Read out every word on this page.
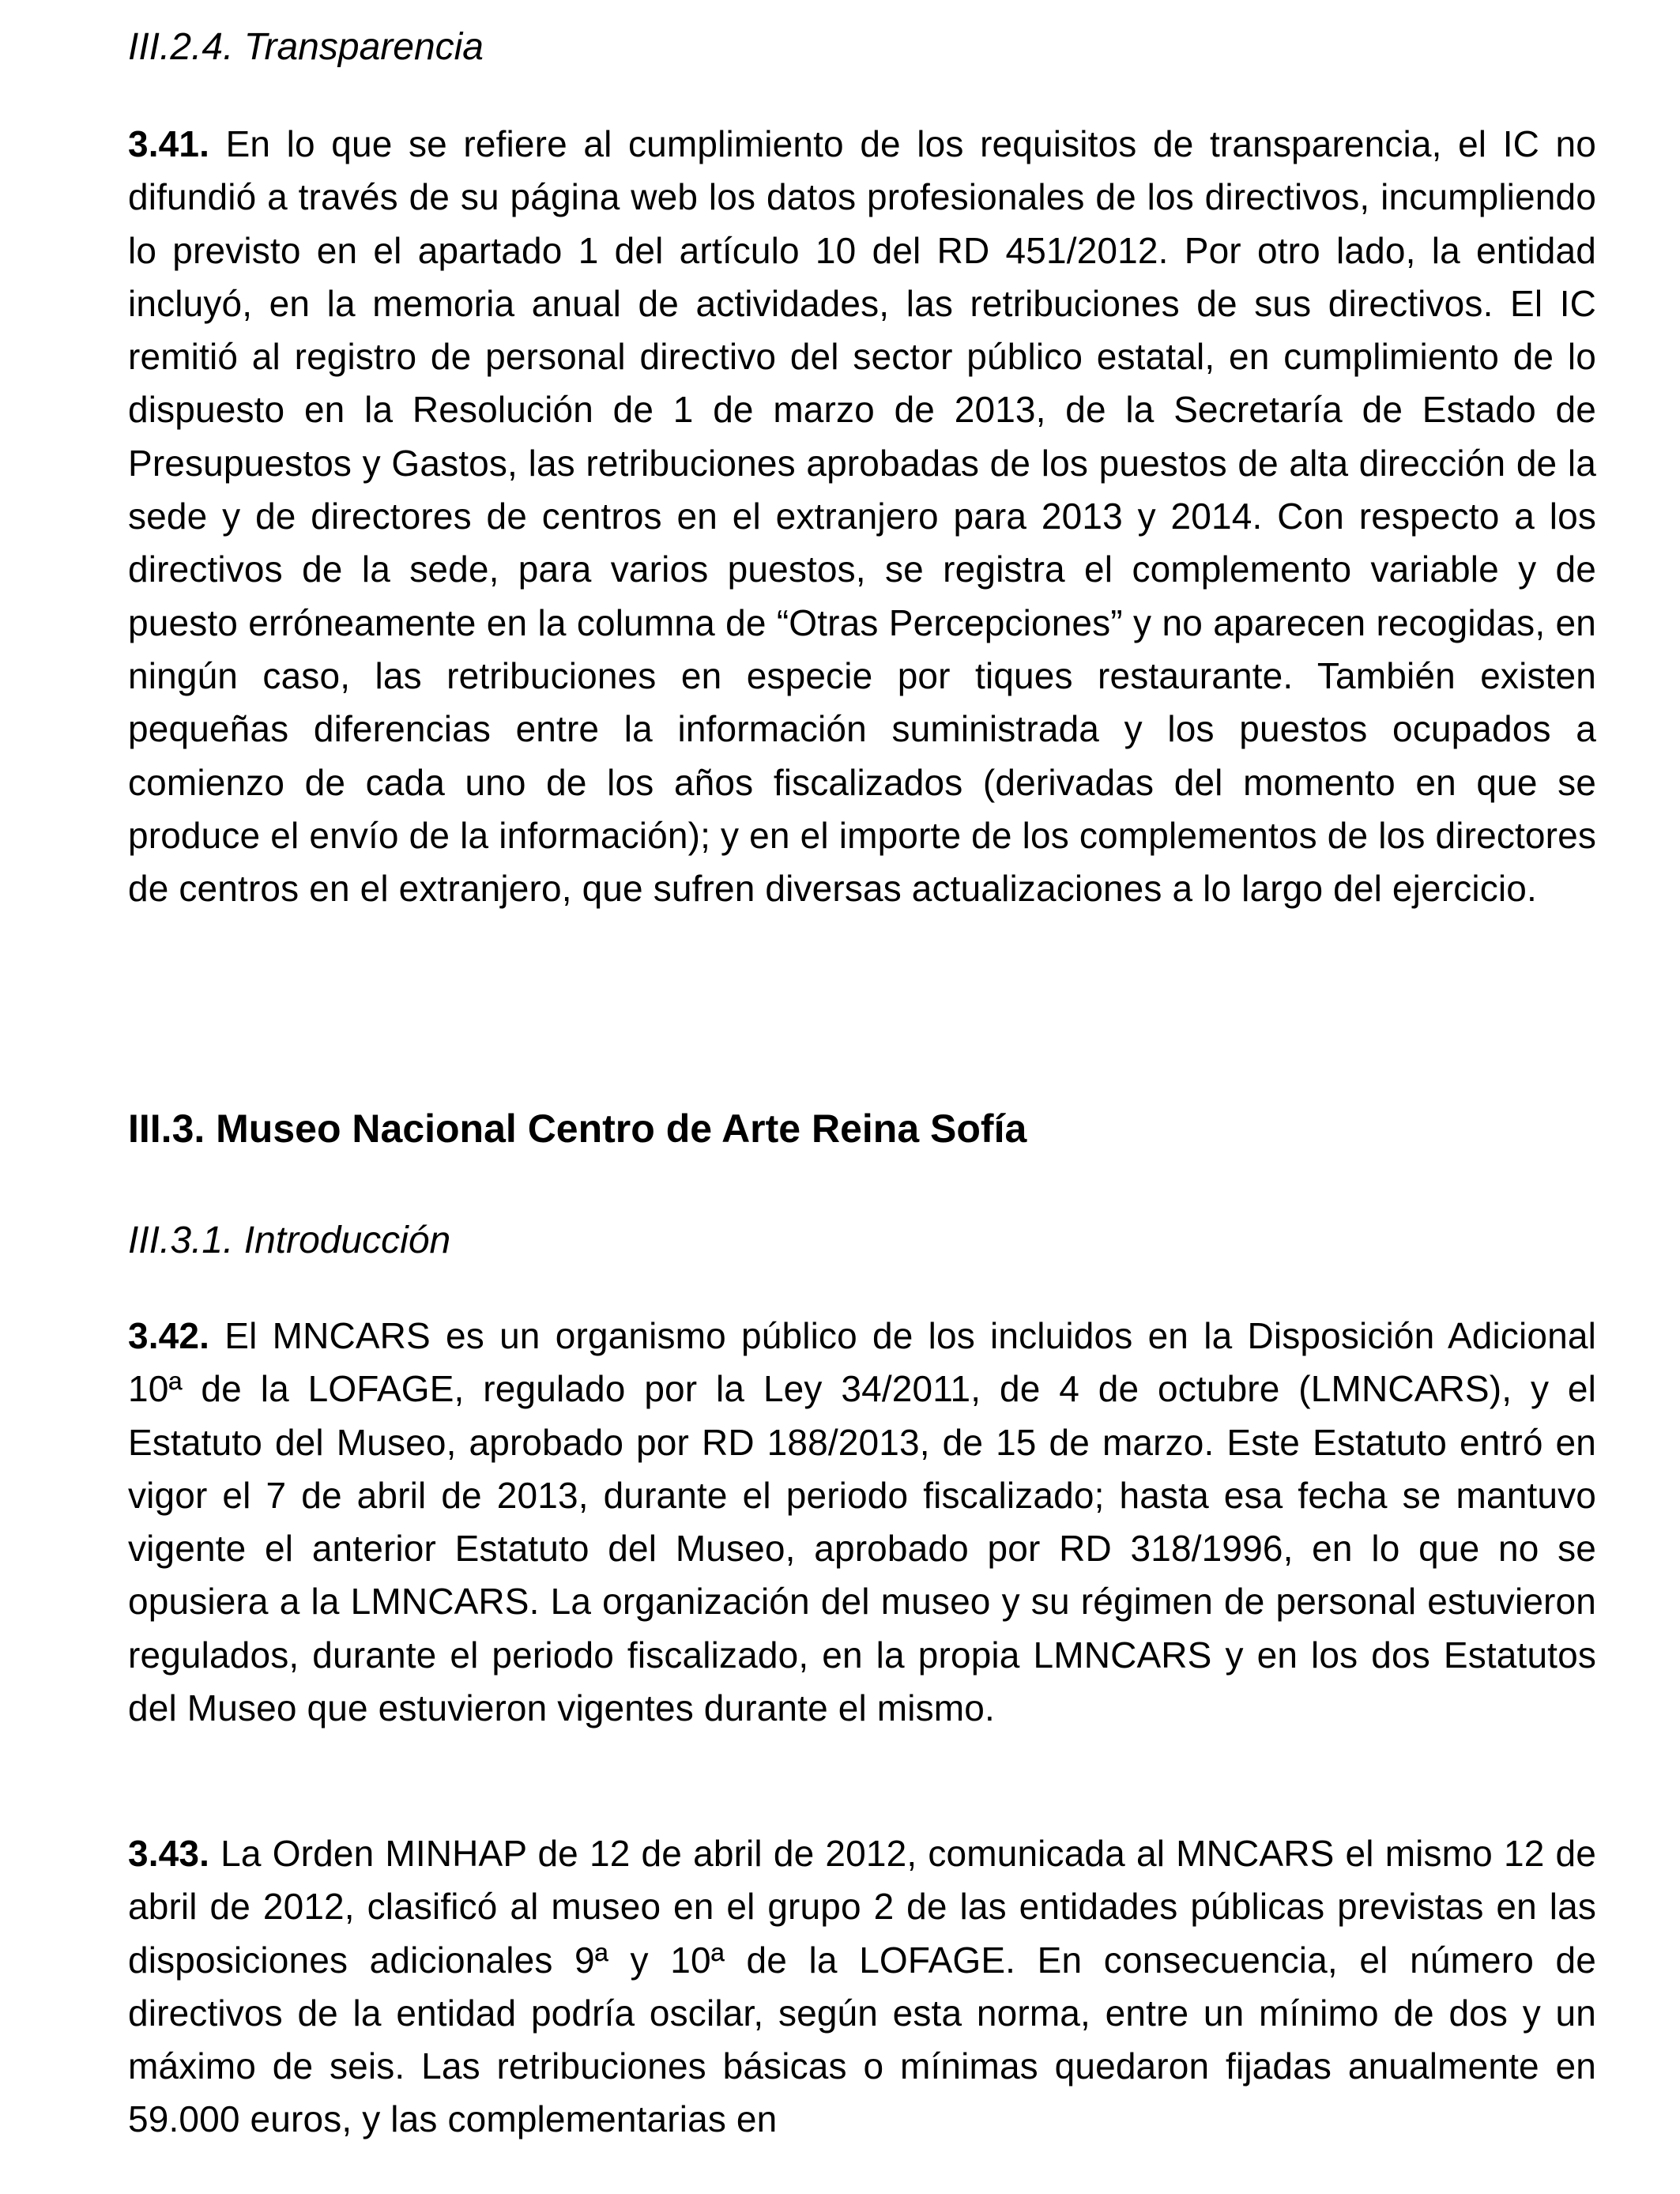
III.2.4. Transparencia

3.41. En lo que se refiere al cumplimiento de los requisitos de transparencia, el IC no difundió a través de su página web los datos profesionales de los directivos, incumpliendo lo previsto en el apartado 1 del artículo 10 del RD 451/2012. Por otro lado, la entidad incluyó, en la memoria anual de actividades, las retribuciones de sus directivos. El IC remitió al registro de personal directivo del sector público estatal, en cumplimiento de lo dispuesto en la Resolución de 1 de marzo de 2013, de la Secretaría de Estado de Presupuestos y Gastos, las retribuciones aprobadas de los puestos de alta dirección de la sede y de directores de centros en el extranjero para 2013 y 2014. Con respecto a los directivos de la sede, para varios puestos, se registra el complemento variable y de puesto erróneamente en la columna de “Otras Percepciones” y no aparecen recogidas, en ningún caso, las retribuciones en especie por tiques restaurante. También existen pequeñas diferencias entre la información suministrada y los puestos ocupados a comienzo de cada uno de los años fiscalizados (derivadas del momento en que se produce el envío de la información); y en el importe de los complementos de los directores de centros en el extranjero, que sufren diversas actualizaciones a lo largo del ejercicio.

III.3. Museo Nacional Centro de Arte Reina Sofía
III.3.1. Introducción

3.42. El MNCARS es un organismo público de los incluidos en la Disposición Adicional 10ª de la LOFAGE, regulado por la Ley 34/2011, de 4 de octubre (LMNCARS), y el Estatuto del Museo, aprobado por RD 188/2013, de 15 de marzo. Este Estatuto entró en vigor el 7 de abril de 2013, durante el periodo fiscalizado; hasta esa fecha se mantuvo vigente el anterior Estatuto del Museo, aprobado por RD 318/1996, en lo que no se opusiera a la LMNCARS. La organización del museo y su régimen de personal estuvieron regulados, durante el periodo fiscalizado, en la propia LMNCARS y en los dos Estatutos del Museo que estuvieron vigentes durante el mismo.

3.43. La Orden MINHAP de 12 de abril de 2012, comunicada al MNCARS el mismo 12 de abril de 2012, clasificó al museo en el grupo 2 de las entidades públicas previstas en las disposiciones adicionales 9ª y 10ª de la LOFAGE. En consecuencia, el número de directivos de la entidad podría oscilar, según esta norma, entre un mínimo de dos y un máximo de seis. Las retribuciones básicas o mínimas quedaron fijadas anualmente en 59.000 euros, y las complementarias en
